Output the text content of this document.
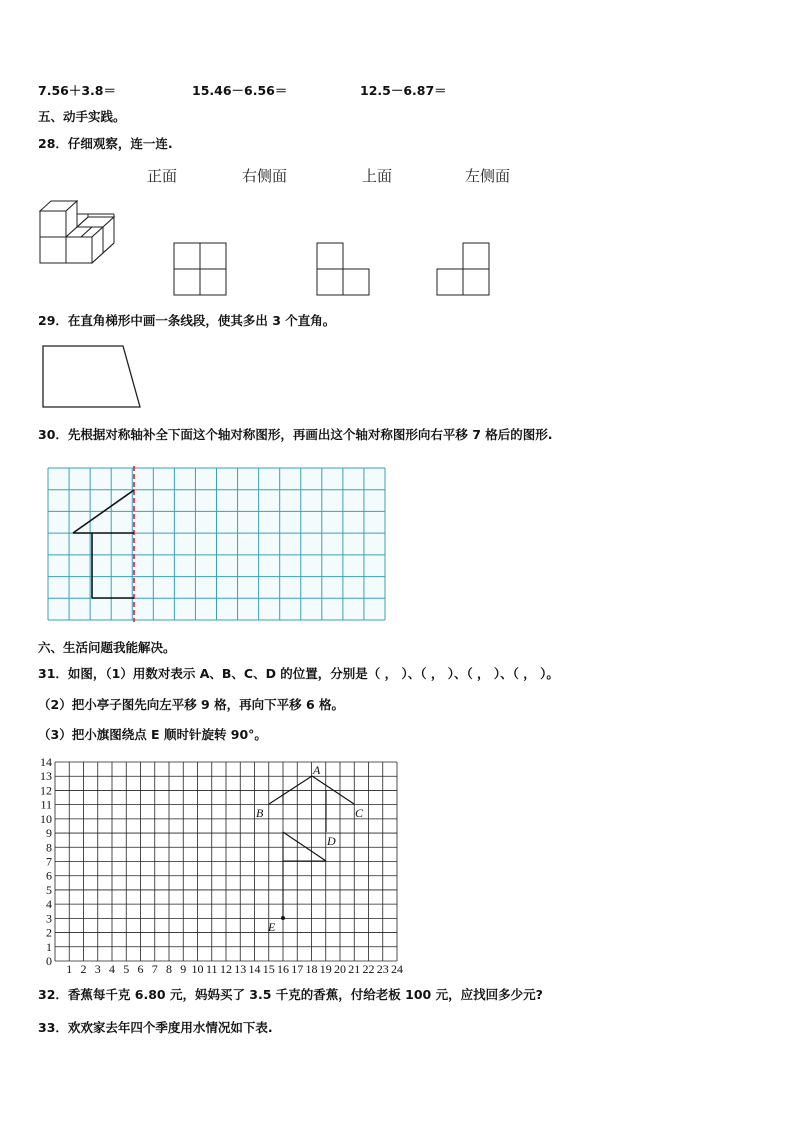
7.56＋3.8＝	15.46－6.56＝	12.5－6.87＝
五、动手实践。
28．仔细观察，连一连.
正面	右侧面	上面	左侧面
29．在直角梯形中画一条线段，使其多出 3 个直角。
30．先根据对称轴补全下面这个轴对称图形，再画出这个轴对称图形向右平移 7 格后的图形.
六、生活问题我能解决。
31．如图，（1）用数对表示 A、B、C、D 的位置，分别是（ ， ）、（ ， ）、（ ， ）、（ ， ）。
（2）把小亭子图先向左平移 9 格，再向下平移 6 格。
（3）把小旗图绕点 E 顺时针旋转 90°。
1 2 3 4 5 6 7 8 9 10 11 12 13 14 15 16 17 18 19 20 21 22 23 24
0
1
2
3
4
5
6
7
8
9
10
11
12
13
14
A
B	C
D
E
32．香蕉每千克 6.80 元，妈妈买了 3.5 千克的香蕉，付给老板 100 元，应找回多少元?
33．欢欢家去年四个季度用水情况如下表.
